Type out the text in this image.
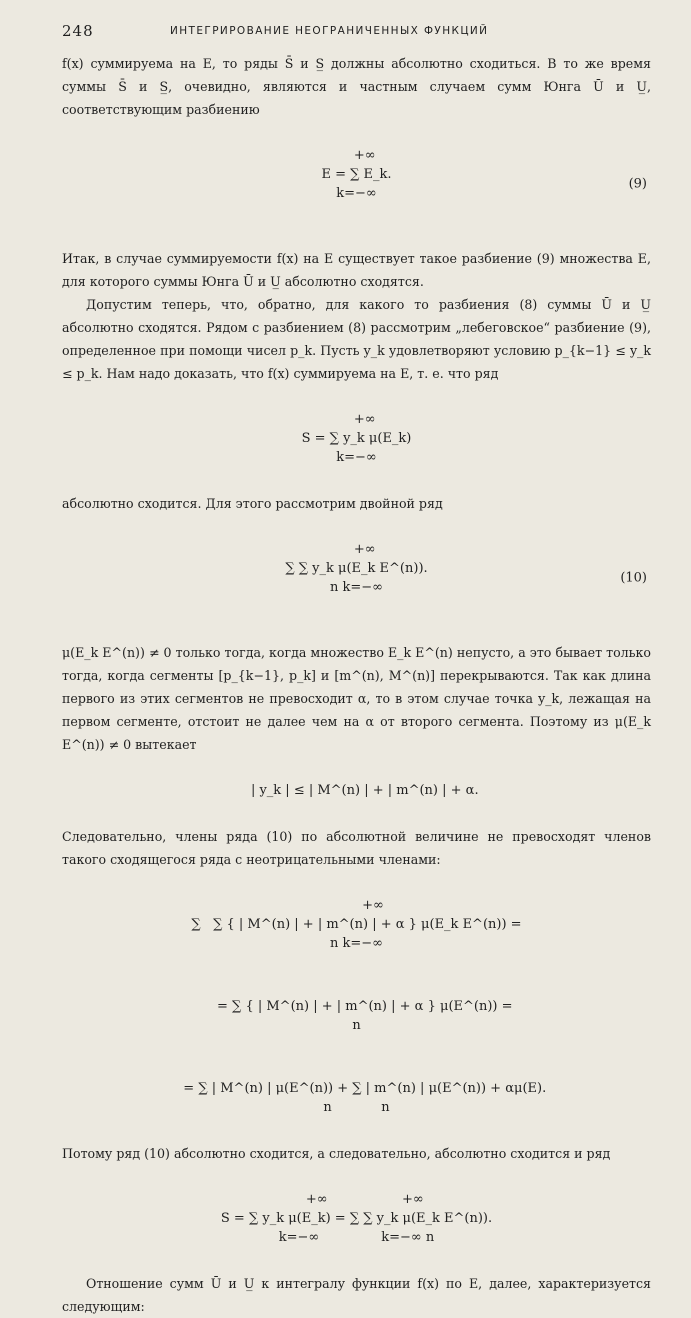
248	ИНТЕГРИРОВАНИЕ НЕОГРАНИЧЕННЫХ ФУНКЦИЙ

f(x) суммируема на E, то ряды S̄ и S̲ должны абсолютно сходиться. В то же время суммы S̄ и S̲, очевидно, являются и частным случаем сумм Юнга Ū и U̲, соответствующим разбиению

+∞
E = ∑ E_k.
k=−∞

(9)

Итак, в случае суммируемости f(x) на E существует такое разбиение (9) множества E, для которого суммы Юнга Ū и U̲ абсолютно сходятся.

Допустим теперь, что, обратно, для какого то разбиения (8) суммы Ū и U̲ абсолютно сходятся. Рядом с разбиением (8) рассмотрим „лебеговское“ разбиение (9), определенное при помощи чисел p_k. Пусть y_k удовлетворяют условию p_{k−1} ≤ y_k ≤ p_k. Нам надо доказать, что f(x) суммируема на E, т. е. что ряд

+∞
S = ∑ y_k μ(E_k)
k=−∞

абсолютно сходится. Для этого рассмотрим двойной ряд

+∞
∑ ∑ y_k μ(E_k E^(n)).
n k=−∞

(10)

μ(E_k E^(n)) ≠ 0 только тогда, когда множество E_k E^(n) непусто, а это бывает только тогда, когда сегменты [p_{k−1}, p_k] и [m^(n), M^(n)] перекрываются. Так как длина первого из этих сегментов не превосходит α, то в этом случае точка y_k, лежащая на первом сегменте, отстоит не далее чем на α от второго сегмента. Поэтому из μ(E_k E^(n)) ≠ 0 вытекает

| y_k | ≤ | M^(n) | + | m^(n) | + α.

Следовательно, члены ряда (10) по абсолютной величине не превосходят членов такого сходящегося ряда с неотрицательными членами:

+∞
∑   ∑ { | M^(n) | + | m^(n) | + α } μ(E_k E^(n)) =
n k=−∞

= ∑ { | M^(n) | + | m^(n) | + α } μ(E^(n)) =
n

= ∑ | M^(n) | μ(E^(n)) + ∑ | m^(n) | μ(E^(n)) + αμ(E).
n            n

Потому ряд (10) абсолютно сходится, а следовательно, абсолютно сходится и ряд

+∞                  +∞
S = ∑ y_k μ(E_k) = ∑ ∑ y_k μ(E_k E^(n)).
k=−∞               k=−∞ n

Отношение сумм Ū и U̲ к интегралу функции f(x) по E, далее, характеризуется следующим:
